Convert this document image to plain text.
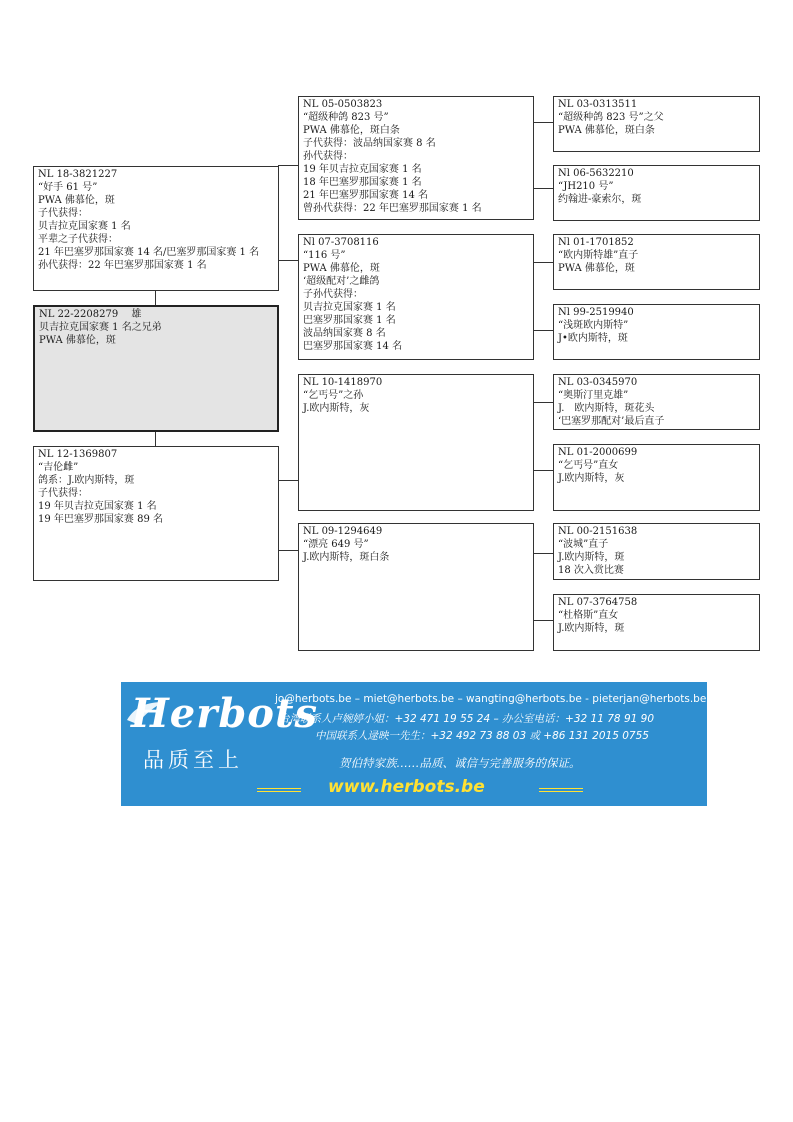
NL 18-3821227
“好手 61 号”
PWA 佛慕伦，斑
子代获得：
贝吉拉克国家赛 1 名
平辈之子代获得：
21 年巴塞罗那国家赛 14 名/巴塞罗那国家赛 1 名
孙代获得：22 年巴塞罗那国家赛 1 名
NL 22-2208279　 雄
贝吉拉克国家赛 1 名之兄弟
PWA 佛慕伦，斑
NL 12-1369807
“吉伦雌”
鸽系：J.欧内斯特，斑
子代获得：
19 年贝吉拉克国家赛 1 名
19 年巴塞罗那国家赛 89 名
NL 05-0503823
“超级种鸽 823 号”
PWA 佛慕伦，斑白条
子代获得：波品纳国家赛 8 名
孙代获得：
19 年贝吉拉克国家赛 1 名
18 年巴塞罗那国家赛 1 名
21 年巴塞罗那国家赛 14 名
曾孙代获得：22 年巴塞罗那国家赛 1 名
Nl 07-3708116
“116 号”
PWA 佛慕伦，斑
‘超级配对’之雌鸽
子孙代获得：
贝吉拉克国家赛 1 名
巴塞罗那国家赛 1 名
波品纳国家赛 8 名
巴塞罗那国家赛 14 名
NL 10-1418970
“乞丐号”之孙
J.欧内斯特，灰
NL 09-1294649
“漂亮 649 号”
J.欧内斯特，斑白条
NL 03-0313511
“超级种鸽 823 号”之父
PWA 佛慕伦，斑白条
Nl 06-5632210
“JH210 号”
约翰进-豪索尔，斑
Nl 01-1701852
“欧内斯特雄”直子
PWA 佛慕伦，斑
Nl 99-2519940
“浅斑欧内斯特”
J•欧内斯特，斑
NL 03-0345970
“奥斯汀里克雄”
J.　欧内斯特，斑花头
‘巴塞罗那配对’最后直子
NL 01-2000699
“乞丐号”直女
J.欧内斯特，灰
NL 00-2151638
“波城”直子
J.欧内斯特，斑
18 次入赏比赛
NL 07-3764758
“杜格斯”直女
J.欧内斯特，斑
Herbots
品质至上
jo@herbots.be – miet@herbots.be – wangting@herbots.be - pieterjan@herbots.be
台湾联系人卢婉婷小姐：+32 471 19 55 24 – 办公室电话：+32 11 78 91 90
中国联系人逯映一先生：+32 492 73 88 03 或 +86 131 2015 0755
贺伯特家族……品质、诚信与完善服务的保证。
www.herbots.be
